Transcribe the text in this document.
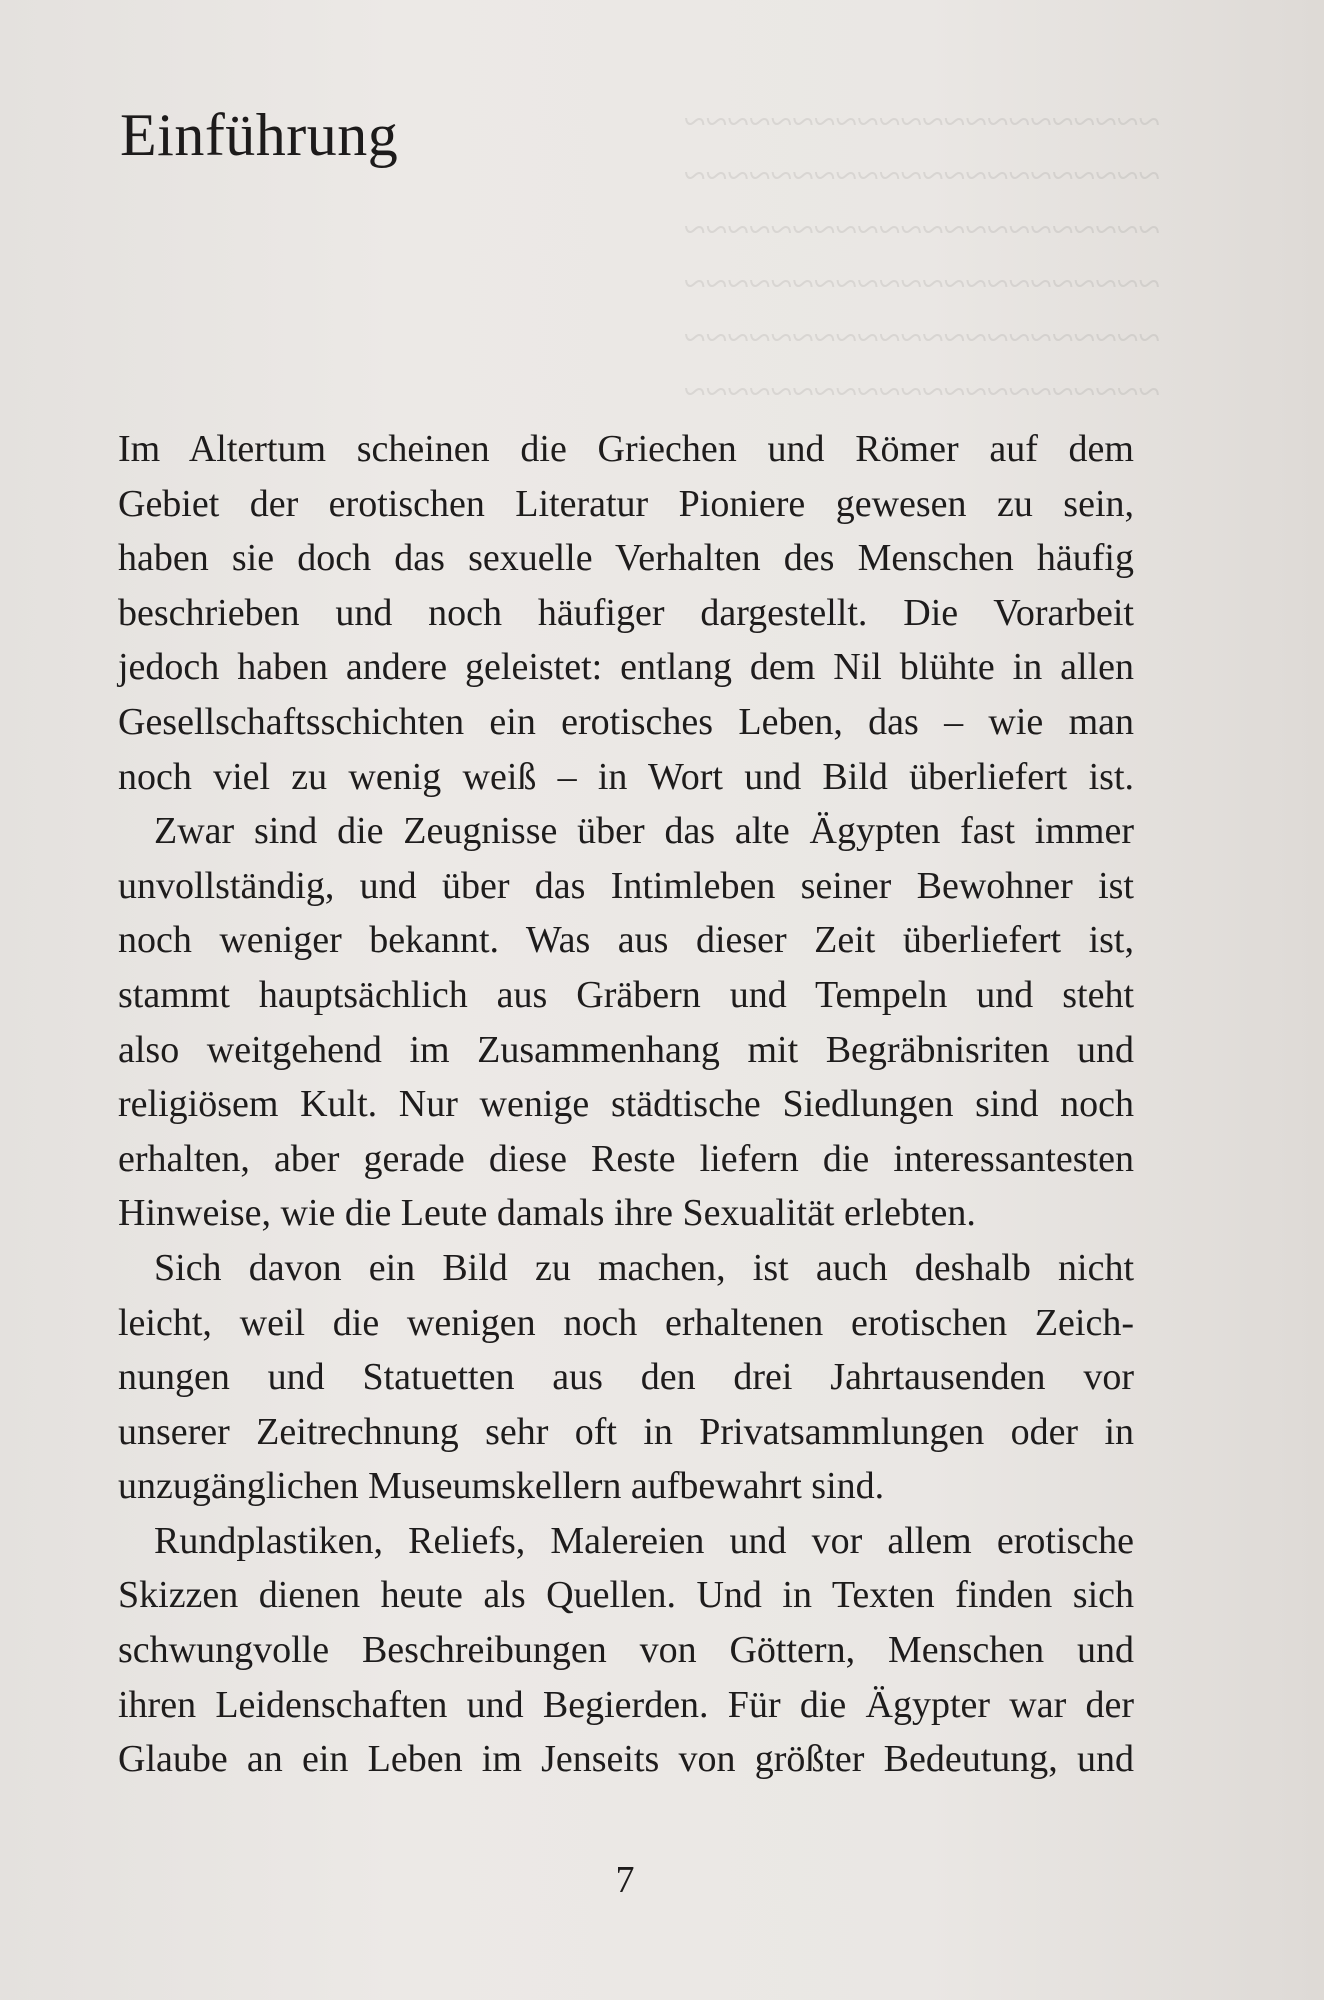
~~~~~~~~~~~~~~~~~~~~~~
~~~~~~~~~~~~~~~~~~~~~~
~~~~~~~~~~~~~~~~~~~~~~
~~~~~~~~~~~~~~~~~~~~~~
~~~~~~~~~~~~~~~~~~~~~~
~~~~~~~~~~~~~~~~~~~~~~
Einführung
Im Altertum scheinen die Griechen und Römer auf dem
Gebiet der erotischen Literatur Pioniere gewesen zu sein,
haben sie doch das sexuelle Verhalten des Menschen häufig
beschrieben und noch häufiger dargestellt. Die Vorarbeit
jedoch haben andere geleistet: entlang dem Nil blühte in allen
Gesellschaftsschichten ein erotisches Leben, das – wie man
noch viel zu wenig weiß – in Wort und Bild überliefert ist.
Zwar sind die Zeugnisse über das alte Ägypten fast immer
unvollständig, und über das Intimleben seiner Bewohner ist
noch weniger bekannt. Was aus dieser Zeit überliefert ist,
stammt hauptsächlich aus Gräbern und Tempeln und steht
also weitgehend im Zusammenhang mit Begräbnisriten und
religiösem Kult. Nur wenige städtische Siedlungen sind noch
erhalten, aber gerade diese Reste liefern die interessantesten
Hinweise, wie die Leute damals ihre Sexualität erlebten.
Sich davon ein Bild zu machen, ist auch deshalb nicht
leicht, weil die wenigen noch erhaltenen erotischen Zeich-
nungen und Statuetten aus den drei Jahrtausenden vor
unserer Zeitrechnung sehr oft in Privatsammlungen oder in
unzugänglichen Museumskellern aufbewahrt sind.
Rundplastiken, Reliefs, Malereien und vor allem erotische
Skizzen dienen heute als Quellen. Und in Texten finden sich
schwungvolle Beschreibungen von Göttern, Menschen und
ihren Leidenschaften und Begierden. Für die Ägypter war der
Glaube an ein Leben im Jenseits von größter Bedeutung, und
7
